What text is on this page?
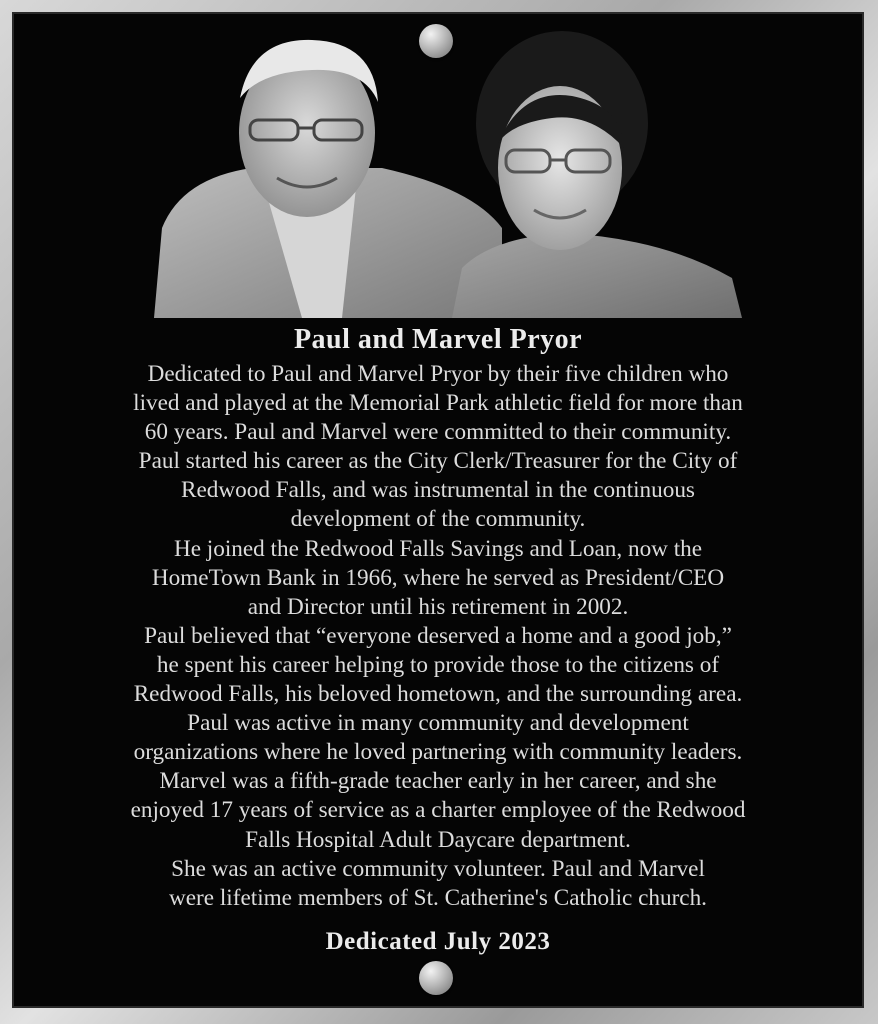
Paul and Marvel Pryor
Dedicated to Paul and Marvel Pryor by their five children who
lived and played at the Memorial Park athletic field for more than
60 years. Paul and Marvel were committed to their community.
Paul started his career as the City Clerk/Treasurer for the City of
Redwood Falls, and was instrumental in the continuous
development of the community.
He joined the Redwood Falls Savings and Loan, now the
HomeTown Bank in 1966, where he served as President/CEO
and Director until his retirement in 2002.
Paul believed that “everyone deserved a home and a good job,”
he spent his career helping to provide those to the citizens of
Redwood Falls, his beloved hometown, and the surrounding area.
Paul was active in many community and development
organizations where he loved partnering with community leaders.
Marvel was a fifth-grade teacher early in her career, and she
enjoyed 17 years of service as a charter employee of the Redwood
Falls Hospital Adult Daycare department.
She was an active community volunteer. Paul and Marvel
were lifetime members of St. Catherine's Catholic church.
Dedicated July 2023
